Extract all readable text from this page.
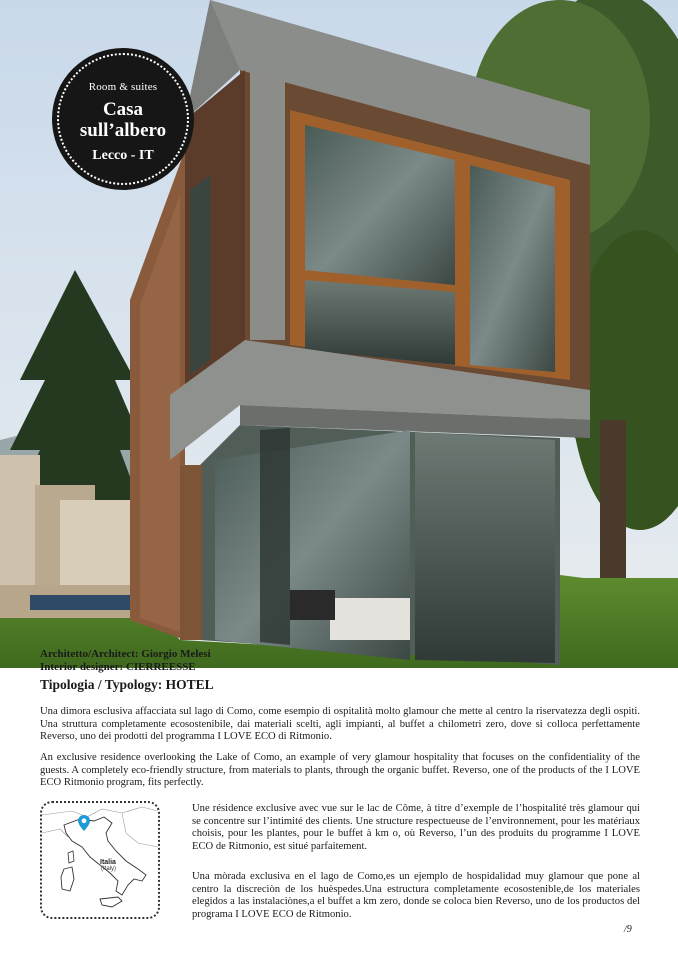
Room & suites
Casa
sull’albero
Lecco - IT
Architetto/Architect: Giorgio Melesi
Interior designer: CIERREESSE
Tipologia / Typology: HOTEL

Una dimora esclusiva affacciata sul lago di Como, come esempio di ospitalità molto glamour che mette al centro la riservatezza degli ospiti. Una struttura completamente ecosostenibile, dai materiali scelti, agli impianti, al buffet a chilometri zero, dove si colloca perfettamente Reverso, uno dei prodotti del programma I LOVE ECO di Ritmonio.

An exclusive residence overlooking the Lake of Como, an example of very glamour hospitality that focuses on the confidentiality of the guests. A completely eco-friendly structure, from materials to plants, through the organic buffet. Reverso, one of the products of the I LOVE ECO Ritmonio program, fits perfectly.

Une résidence exclusive avec vue sur le lac de Côme, à titre d’exemple de l’hospitalité très glamour qui se concentre sur l’intimité des clients. Une structure respectueuse de l’environnement, pour les matériaux choisis, pour les plantes, pour le buffet à km o, où Reverso, l’un des produits du programme I LOVE ECO de Ritmonio, est situé parfaitement.

Una mòrada exclusiva en el lago de Como,es un ejemplo de hospidalidad muy glamour que pone al centro la discreciòn de los huèspedes.Una estructura completamente ecosostenible,de los materiales elegidos a las instalaciònes,a el buffet a km zero, donde se coloca bien Reverso, uno de los productos del programa I LOVE ECO de Ritmonio.

Italia
(Italy)
/9
